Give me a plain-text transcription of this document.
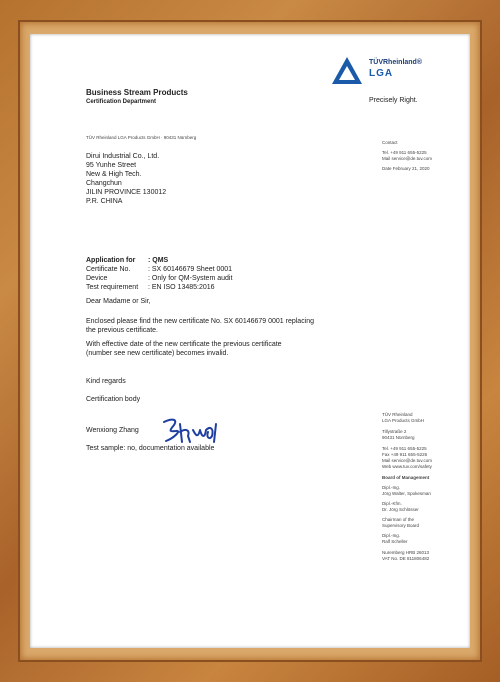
Business Stream Products
Certification Department
TÜVRheinland®
LGA
Precisely Right.
TÜV Rheinland LGA Products GmbH · 90431 Nürnberg
Dirui Industrial Co., Ltd.
95 Yunhe Street
New & High Tech.
Changchun
JILIN PROVINCE 130012
P.R. CHINA
Contact
Tel. +49 911 655-5225
Mail service@de.tuv.com
Date February 21, 2020
Application for	: QMS
Certificate No.	: SX 60146679 Sheet 0001
Device	: Only for QM-System audit
Test requirement	: EN ISO 13485:2016
Dear Madame or Sir,
Enclosed please find the new certificate No. SX 60146679 0001 replacing
the previous certificate.
With effective date of the new certificate the previous certificate
(number see new certificate) becomes invalid.
Kind regards
Certification body
Wenxiong Zhang
Test sample: no, documentation available
TÜV Rheinland
LGA Products GmbH
Tillystraße 2
90431 Nürnberg
Tel. +49 911 655-5225
Fax +49 911 655-5226
Mail service@de.tuv.com
Web www.tuv.com/safety
Board of Management
Dipl.-Ing.
Jörg Walter, Spokesman
Dipl.-Kfm.
Dr. Jörg Schlösser
Chairman of the
Supervisory Board
Dipl.-Ing.
Ralf Scheller
Nuremberg HRB 26013
VAT No. DE 811806482
